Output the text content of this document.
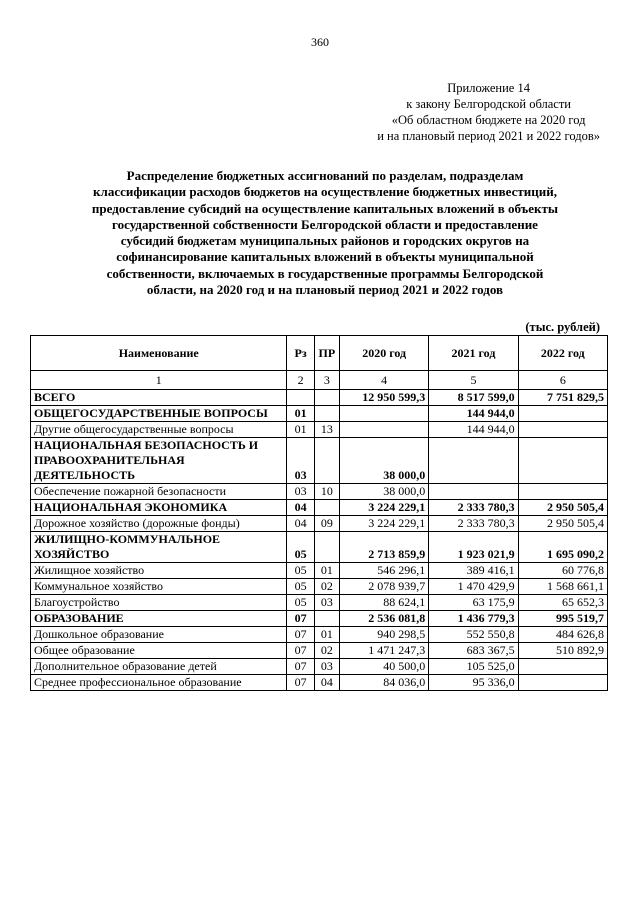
360
Приложение 14
к закону Белгородской области
«Об областном бюджете на 2020 год
и на плановый период 2021 и 2022 годов»
Распределение бюджетных ассигнований по разделам, подразделам
классификации расходов бюджетов на осуществление бюджетных инвестиций,
предоставление субсидий на осуществление капитальных вложений в объекты
государственной собственности Белгородской области и предоставление
субсидий бюджетам муниципальных районов и городских округов на
софинансирование капитальных вложений в объекты муниципальной
собственности, включаемых в государственные программы Белгородской
области, на 2020 год и на плановый период 2021 и 2022 годов
(тыс. рублей)
Наименование	Рз	ПР	2020 год	2021 год	2022 год
1	2	3	4	5	6
ВСЕГО			12 950 599,3	8 517 599,0	7 751 829,5
ОБЩЕГОСУДАРСТВЕННЫЕ ВОПРОСЫ	01			144 944,0	
Другие общегосударственные вопросы	01	13		144 944,0	
НАЦИОНАЛЬНАЯ БЕЗОПАСНОСТЬ И ПРАВООХРАНИТЕЛЬНАЯ ДЕЯТЕЛЬНОСТЬ	03		38 000,0		
Обеспечение пожарной безопасности	03	10	38 000,0		
НАЦИОНАЛЬНАЯ ЭКОНОМИКА	04		3 224 229,1	2 333 780,3	2 950 505,4
Дорожное хозяйство (дорожные фонды)	04	09	3 224 229,1	2 333 780,3	2 950 505,4
ЖИЛИЩНО-КОММУНАЛЬНОЕ ХОЗЯЙСТВО	05		2 713 859,9	1 923 021,9	1 695 090,2
Жилищное хозяйство	05	01	546 296,1	389 416,1	60 776,8
Коммунальное хозяйство	05	02	2 078 939,7	1 470 429,9	1 568 661,1
Благоустройство	05	03	88 624,1	63 175,9	65 652,3
ОБРАЗОВАНИЕ	07		2 536 081,8	1 436 779,3	995 519,7
Дошкольное образование	07	01	940 298,5	552 550,8	484 626,8
Общее образование	07	02	1 471 247,3	683 367,5	510 892,9
Дополнительное образование детей	07	03	40 500,0	105 525,0	
Среднее профессиональное образование	07	04	84 036,0	95 336,0	
